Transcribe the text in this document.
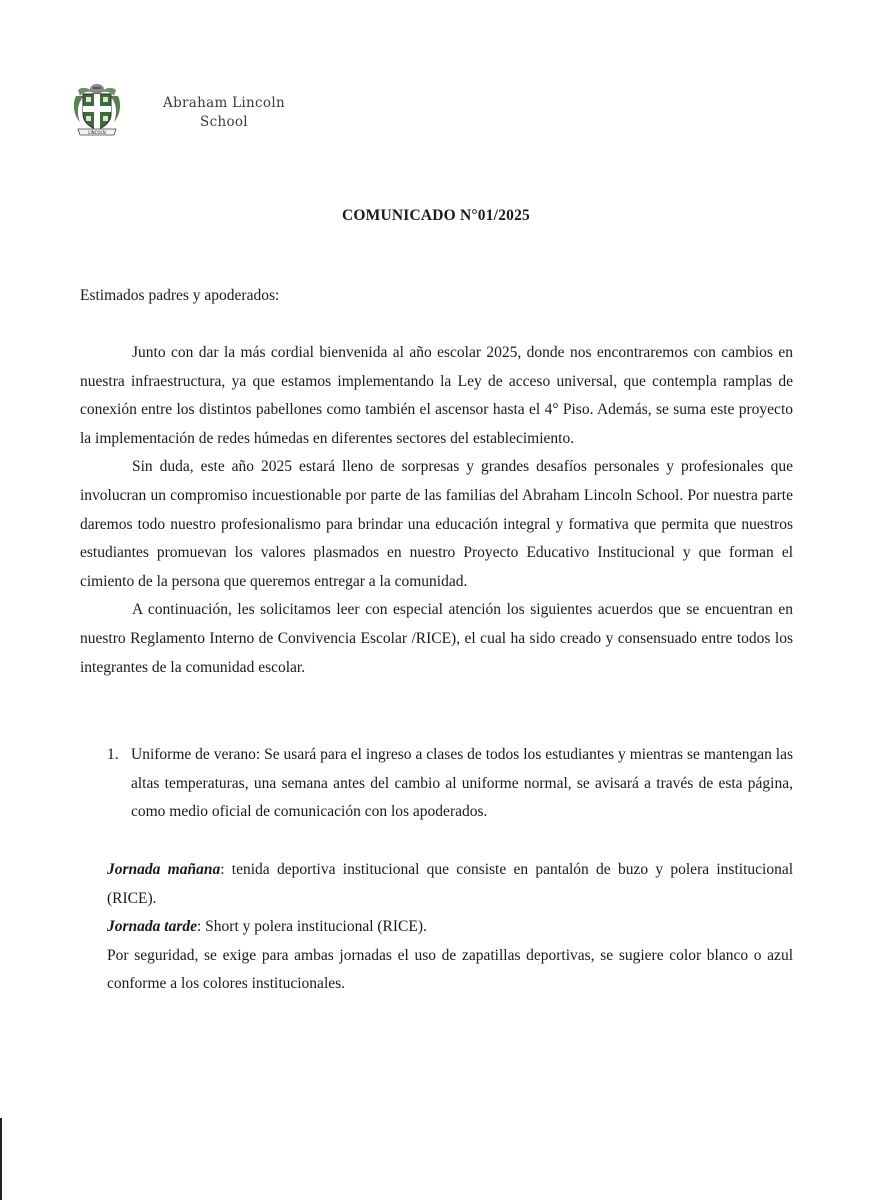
LINCOLN
Abraham Lincoln
School
COMUNICADO N°01/2025
Estimados padres y apoderados:

Junto con dar la más cordial bienvenida al año escolar 2025, donde nos encontraremos con cambios en nuestra infraestructura, ya que estamos implementando la Ley de acceso universal, que contempla ramplas de conexión entre los distintos pabellones como también el ascensor hasta el 4° Piso. Además, se suma este proyecto la implementación de redes húmedas en diferentes sectores del establecimiento.

Sin duda, este año 2025 estará lleno de sorpresas y grandes desafíos personales y profesionales que involucran un compromiso incuestionable por parte de las familias del Abraham Lincoln School. Por nuestra parte daremos todo nuestro profesionalismo para brindar una educación integral y formativa que permita que nuestros estudiantes promuevan los valores plasmados en nuestro Proyecto Educativo Institucional y que forman el cimiento de la persona que queremos entregar a la comunidad.

A continuación, les solicitamos leer con especial atención los siguientes acuerdos que se encuentran en nuestro Reglamento Interno de Convivencia Escolar /RICE), el cual ha sido creado y consensuado entre todos los integrantes de la comunidad escolar.

1. Uniforme de verano: Se usará para el ingreso a clases de todos los estudiantes y mientras se mantengan las altas temperaturas, una semana antes del cambio al uniforme normal, se avisará a través de esta página, como medio oficial de comunicación con los apoderados.

Jornada mañana: tenida deportiva institucional que consiste en pantalón de buzo y polera institucional (RICE).

Jornada tarde: Short y polera institucional (RICE).

Por seguridad, se exige para ambas jornadas el uso de zapatillas deportivas, se sugiere color blanco o azul conforme a los colores institucionales.
